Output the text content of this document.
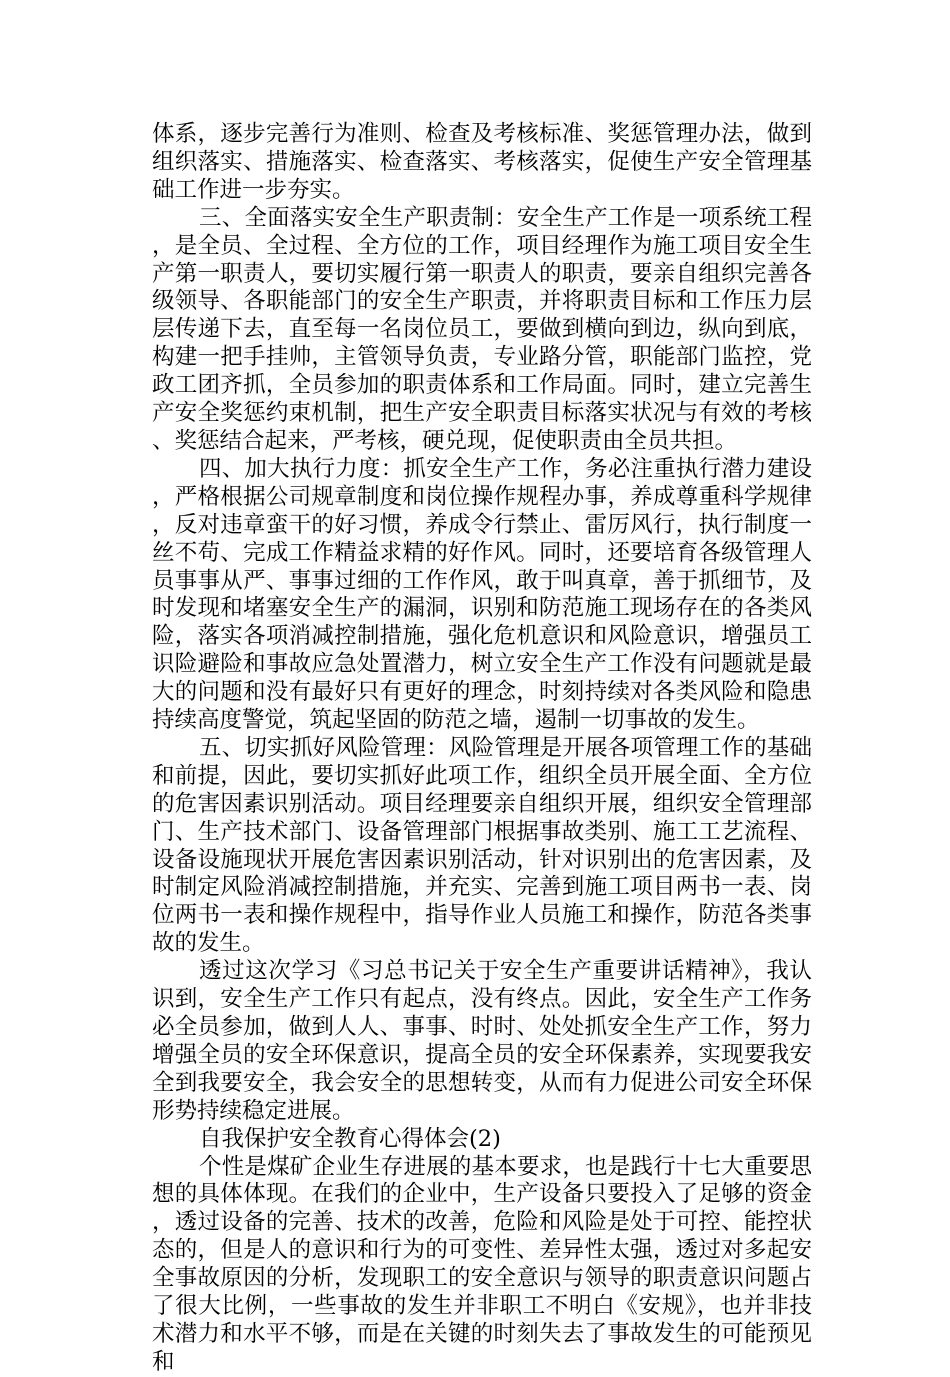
体系，逐步完善行为准则、检查及考核标准、奖惩管理办法，做到组织落实、措施落实、检查落实、考核落实，促使生产安全管理基础工作进一步夯实。

三、全面落实安全生产职责制：安全生产工作是一项系统工程，是全员、全过程、全方位的工作，项目经理作为施工项目安全生产第一职责人，要切实履行第一职责人的职责，要亲自组织完善各级领导、各职能部门的安全生产职责，并将职责目标和工作压力层层传递下去，直至每一名岗位员工，要做到横向到边，纵向到底，构建一把手挂帅，主管领导负责，专业路分管，职能部门监控，党政工团齐抓，全员参加的职责体系和工作局面。同时，建立完善生产安全奖惩约束机制，把生产安全职责目标落实状况与有效的考核、奖惩结合起来，严考核，硬兑现，促使职责由全员共担。

四、加大执行力度：抓安全生产工作，务必注重执行潜力建设，严格根据公司规章制度和岗位操作规程办事，养成尊重科学规律，反对违章蛮干的好习惯，养成令行禁止、雷厉风行，执行制度一丝不苟、完成工作精益求精的好作风。同时，还要培育各级管理人员事事从严、事事过细的工作作风，敢于叫真章，善于抓细节，及时发现和堵塞安全生产的漏洞，识别和防范施工现场存在的各类风险，落实各项消减控制措施，强化危机意识和风险意识，增强员工识险避险和事故应急处置潜力，树立安全生产工作没有问题就是最大的问题和没有最好只有更好的理念，时刻持续对各类风险和隐患持续高度警觉，筑起坚固的防范之墙，遏制一切事故的发生。

五、切实抓好风险管理：风险管理是开展各项管理工作的基础和前提，因此，要切实抓好此项工作，组织全员开展全面、全方位的危害因素识别活动。项目经理要亲自组织开展，组织安全管理部门、生产技术部门、设备管理部门根据事故类别、施工工艺流程、设备设施现状开展危害因素识别活动，针对识别出的危害因素，及时制定风险消减控制措施，并充实、完善到施工项目两书一表、岗位两书一表和操作规程中，指导作业人员施工和操作，防范各类事故的发生。

透过这次学习《习总书记关于安全生产重要讲话精神》，我认识到，安全生产工作只有起点，没有终点。因此，安全生产工作务必全员参加，做到人人、事事、时时、处处抓安全生产工作，努力增强全员的安全环保意识，提高全员的安全环保素养，实现要我安全到我要安全，我会安全的思想转变，从而有力促进公司安全环保形势持续稳定进展。

自我保护安全教育心得体会(2)

个性是煤矿企业生存进展的基本要求，也是践行十七大重要思想的具体体现。在我们的企业中，生产设备只要投入了足够的资金，透过设备的完善、技术的改善，危险和风险是处于可控、能控状态的，但是人的意识和行为的可变性、差异性太强，透过对多起安全事故原因的分析，发现职工的安全意识与领导的职责意识问题占了很大比例，一些事故的发生并非职工不明白《安规》，也并非技术潜力和水平不够，而是在关键的时刻失去了事故发生的可能预见和
